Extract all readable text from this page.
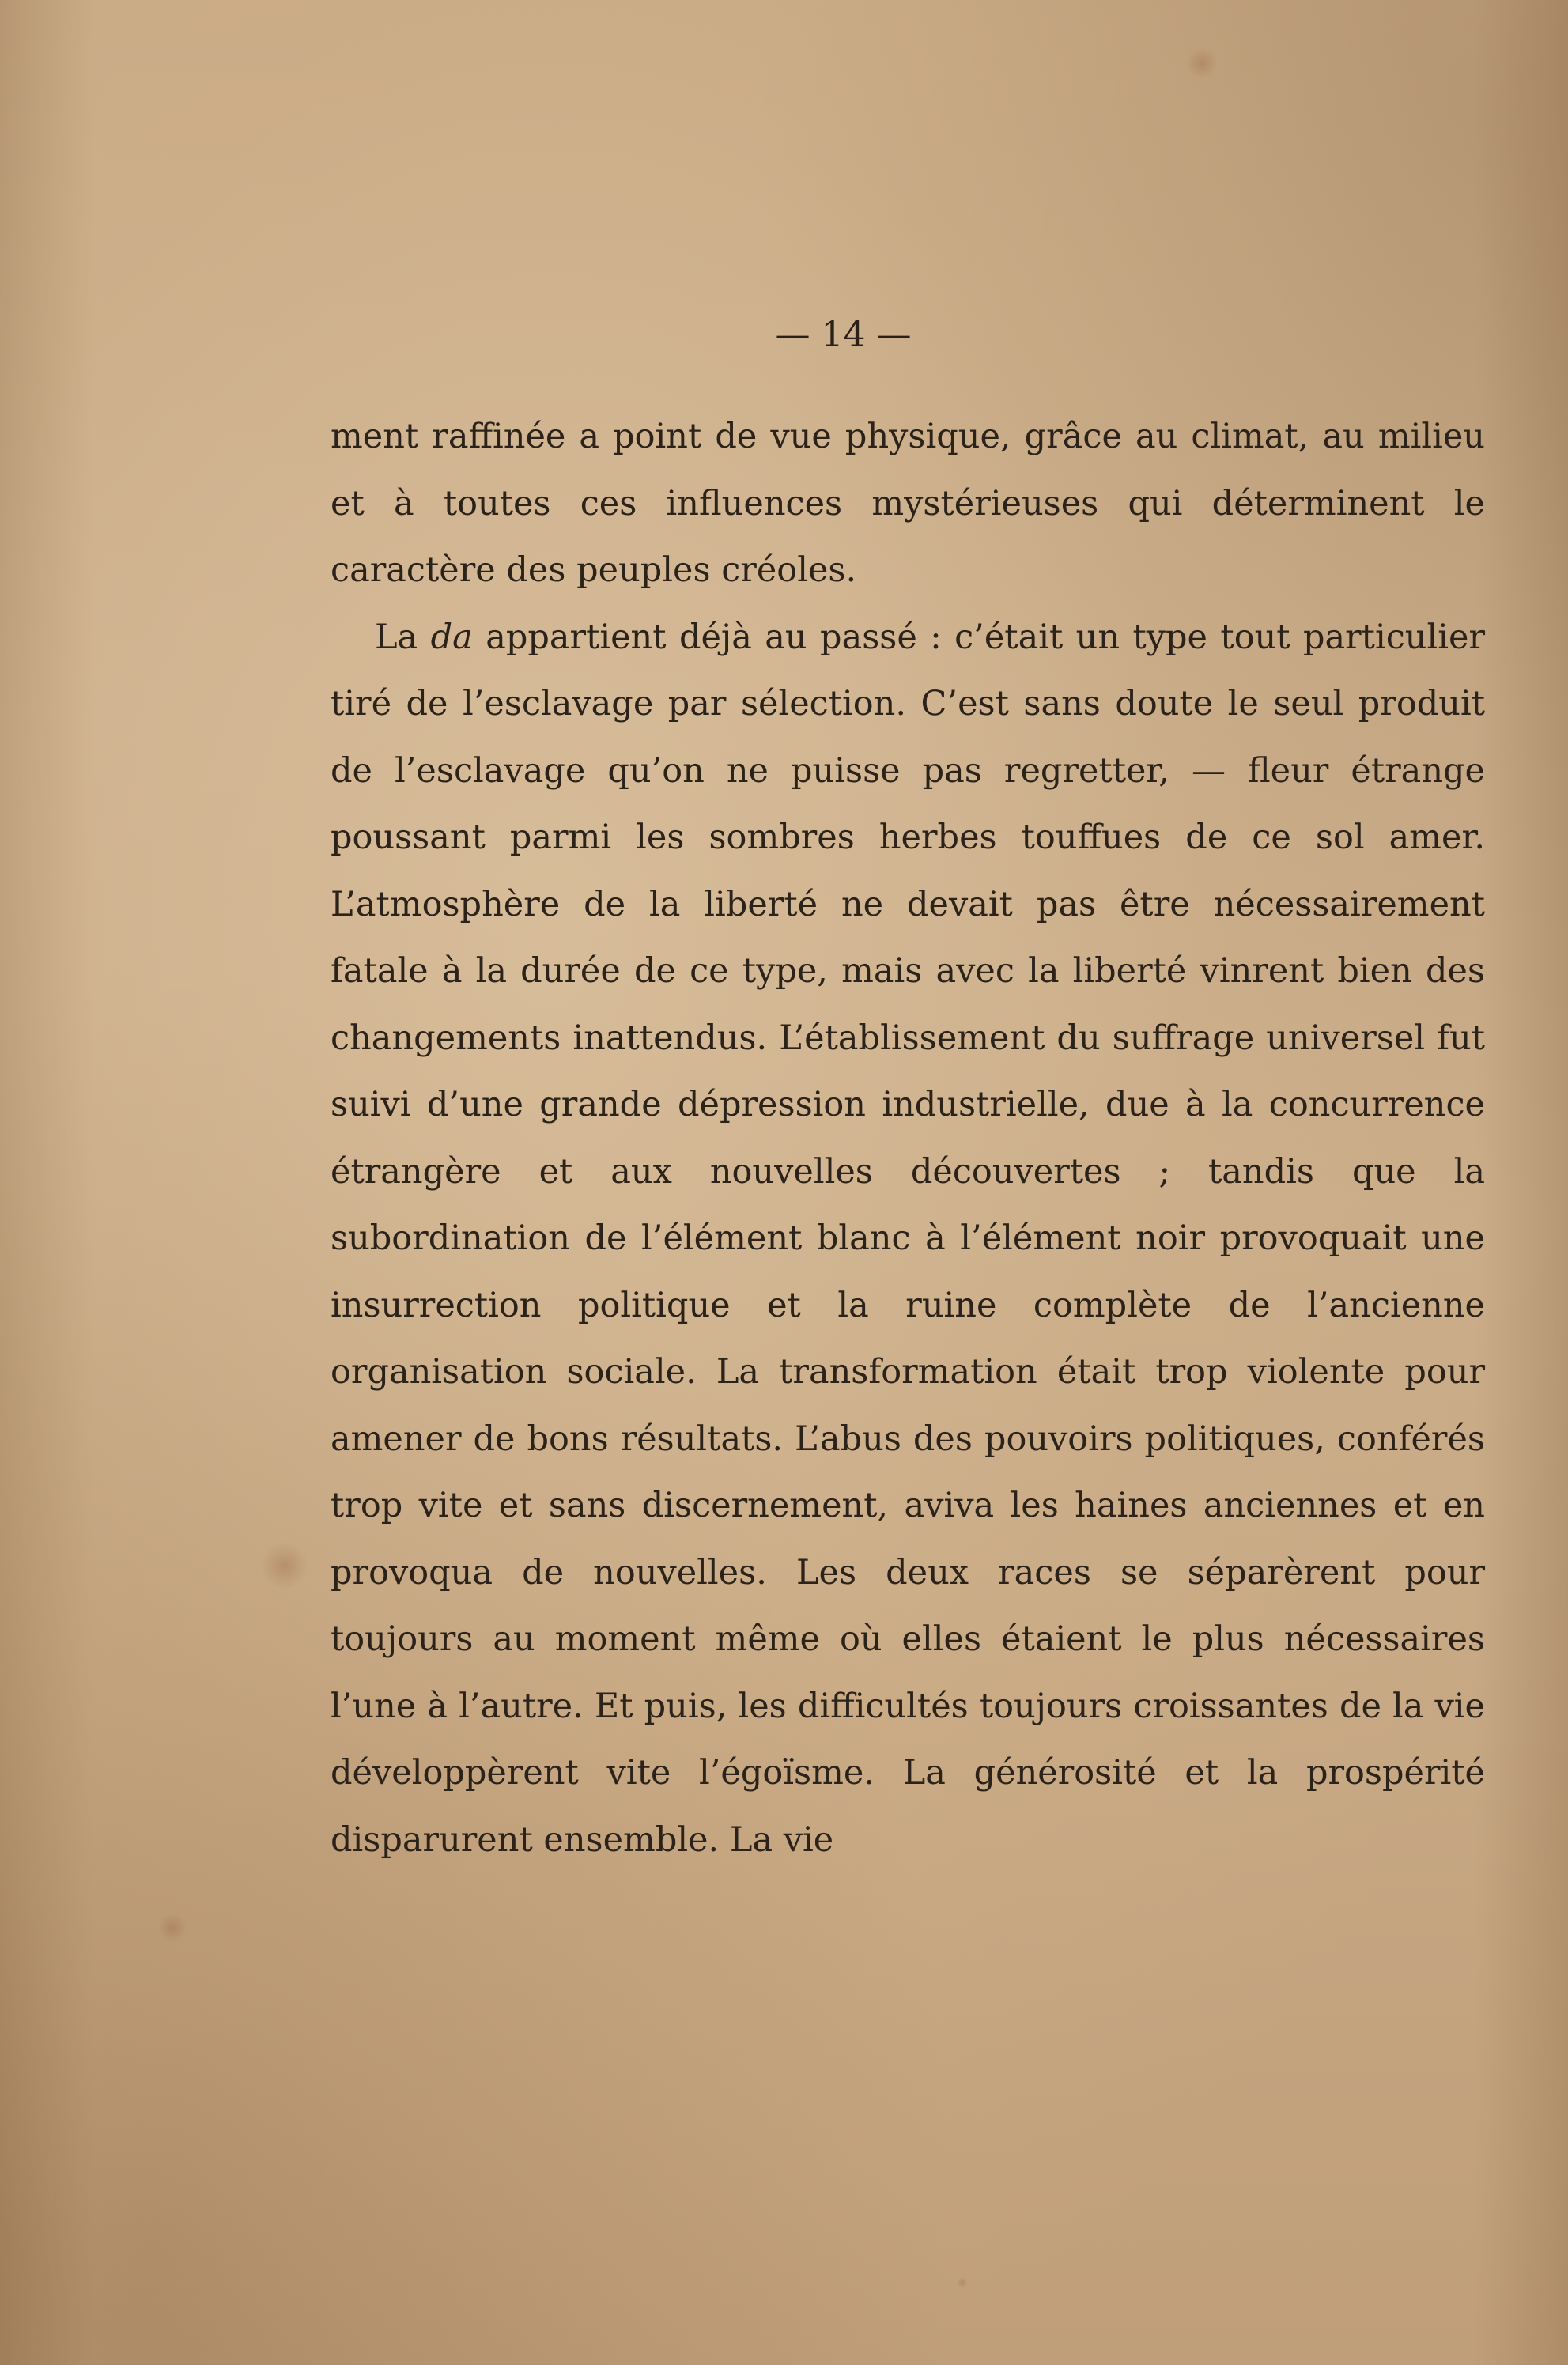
— 14 —

ment raffinée a point de vue physique, grâce au climat, au milieu et à toutes ces influences mystérieuses qui déterminent le caractère des peuples créoles.

La da appartient déjà au passé : c’était un type tout particulier tiré de l’esclavage par sélection. C’est sans doute le seul produit de l’esclavage qu’on ne puisse pas regretter, — fleur étrange poussant parmi les sombres herbes touffues de ce sol amer. L’atmosphère de la liberté ne devait pas être nécessairement fatale à la durée de ce type, mais avec la liberté vinrent bien des changements inattendus. L’établissement du suffrage universel fut suivi d’une grande dépression industrielle, due à la concurrence étrangère et aux nouvelles découvertes ; tandis que la subordination de l’élément blanc à l’élément noir provoquait une insurrection politique et la ruine complète de l’ancienne organisation sociale. La transformation était trop violente pour amener de bons résultats. L’abus des pouvoirs politiques, conférés trop vite et sans discernement, aviva les haines anciennes et en provoqua de nouvelles. Les deux races se séparèrent pour toujours au moment même où elles étaient le plus nécessaires l’une à l’autre. Et puis, les difficultés toujours croissantes de la vie développèrent vite l’égoïsme. La générosité et la prospérité disparurent ensemble. La vie
